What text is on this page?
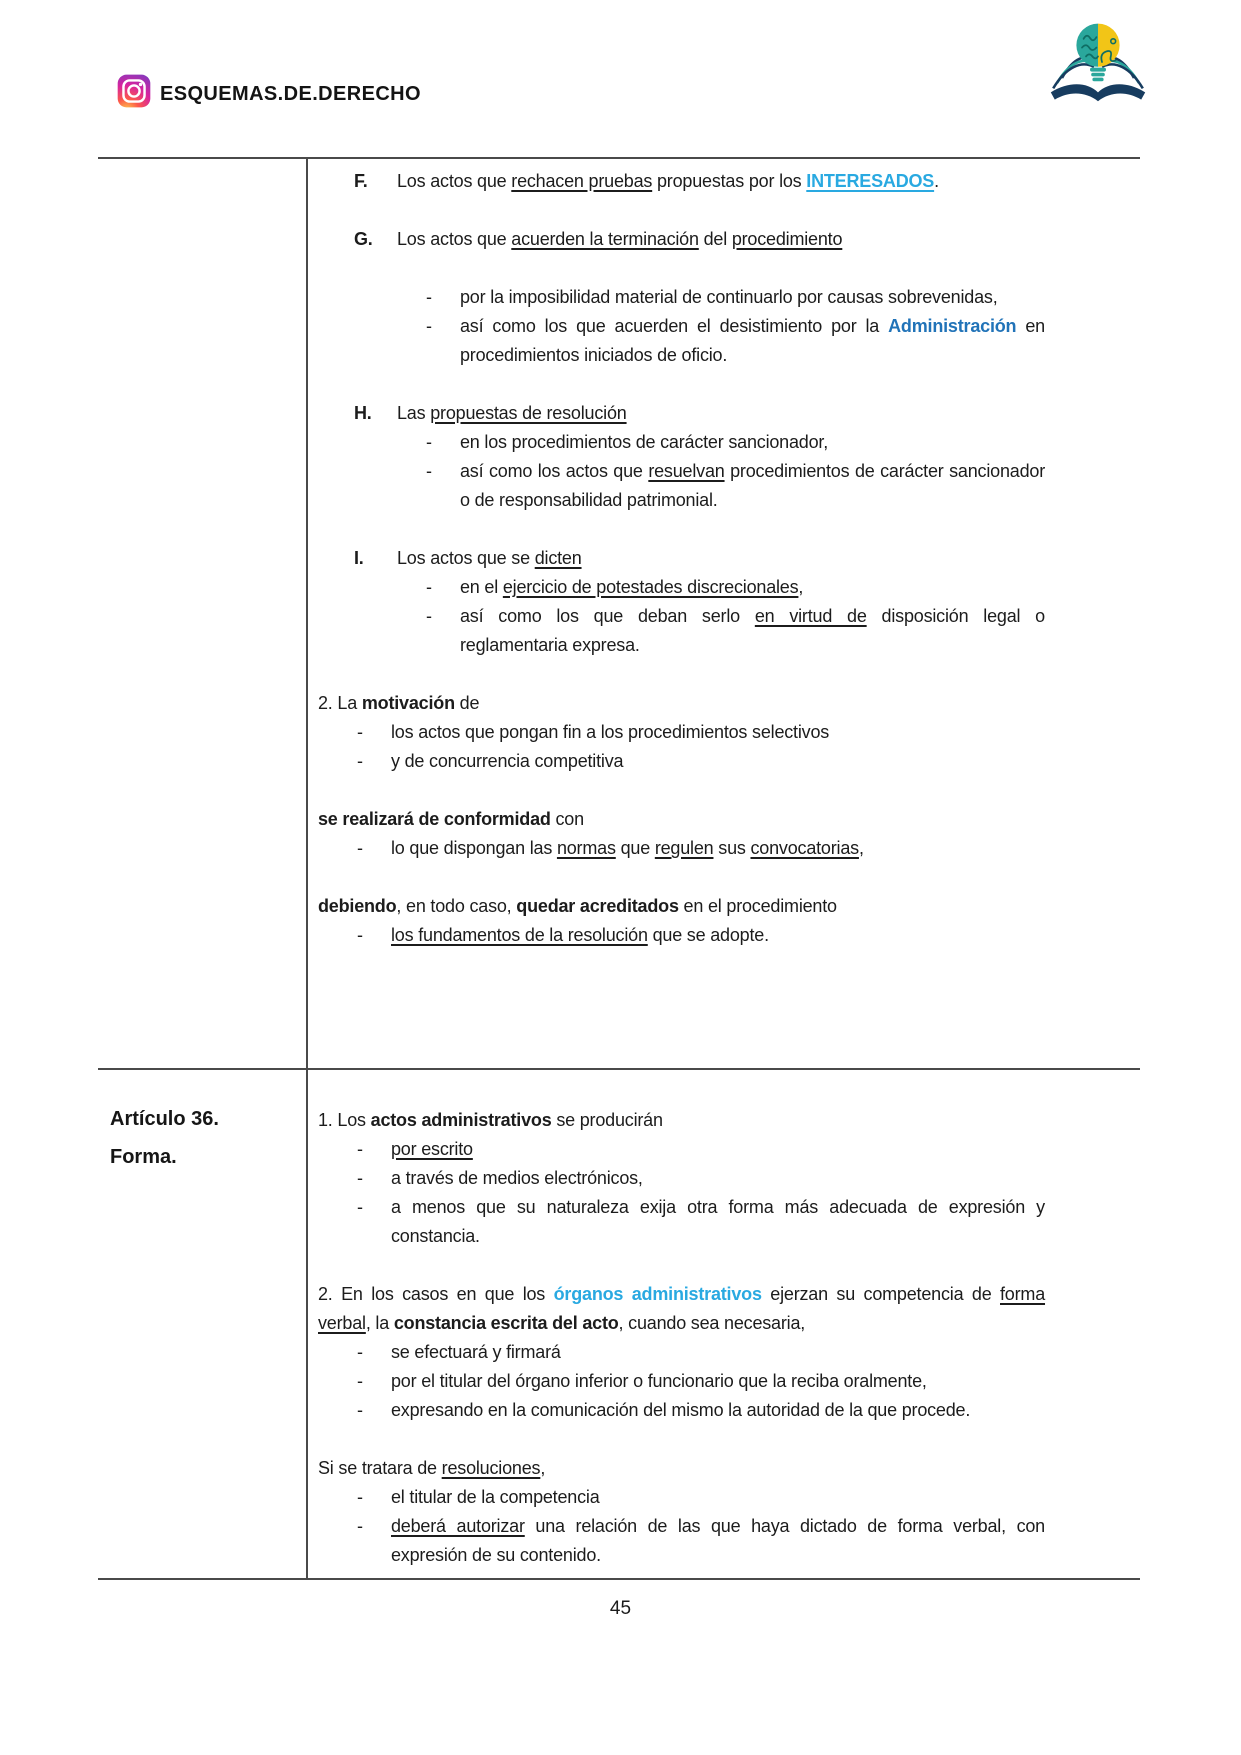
ESQUEMAS.DE.DERECHO
F.	Los actos que rechacen pruebas propuestas por los INTERESADOS.
G.	Los actos que acuerden la terminación del procedimiento
-	por la imposibilidad material de continuarlo por causas sobrevenidas,
-	así como los que acuerden el desistimiento por la Administración en procedimientos iniciados de oficio.
H.	Las propuestas de resolución
-	en los procedimientos de carácter sancionador,
-	así como los actos que resuelvan procedimientos de carácter sancionador o de responsabilidad patrimonial.
I.	Los actos que se dicten
-	en el ejercicio de potestades discrecionales,
-	así como los que deban serlo en virtud de disposición legal o reglamentaria expresa.
2. La motivación de
-	los actos que pongan fin a los procedimientos selectivos
-	y de concurrencia competitiva
se realizará de conformidad con
-	lo que dispongan las normas que regulen sus convocatorias,
debiendo, en todo caso, quedar acreditados en el procedimiento
-	los fundamentos de la resolución que se adopte.
Artículo 36.
Forma.
1. Los actos administrativos se producirán
-	por escrito
-	a través de medios electrónicos,
-	a menos que su naturaleza exija otra forma más adecuada de expresión y constancia.
2. En los casos en que los órganos administrativos ejerzan su competencia de forma verbal, la constancia escrita del acto, cuando sea necesaria,
-	se efectuará y firmará
-	por el titular del órgano inferior o funcionario que la reciba oralmente,
-	expresando en la comunicación del mismo la autoridad de la que procede.
Si se tratara de resoluciones,
-	el titular de la competencia
-	deberá autorizar una relación de las que haya dictado de forma verbal, con expresión de su contenido.
45
